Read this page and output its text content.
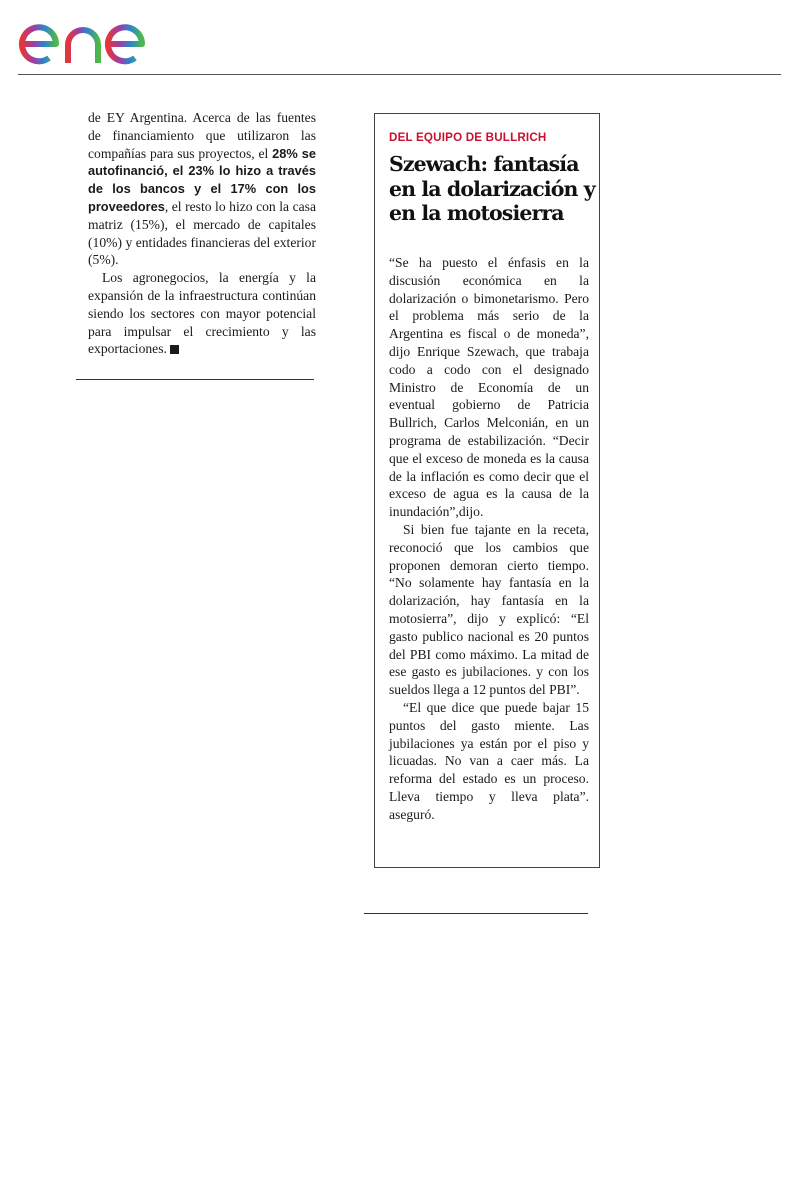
de EY Argentina. Acerca de las fuentes de financiamiento que utilizaron las compañías para sus proyectos, el 28% se autofinanció, el 23% lo hizo a través de los bancos y el 17% con los proveedores, el resto lo hizo con la casa matriz (15%), el mercado de capitales (10%) y entidades financieras del exterior (5%).

Los agronegocios, la energía y la expansión de la infraestructura continúan siendo los sectores con mayor potencial para impulsar el crecimiento y las exportaciones.

DEL EQUIPO DE BULLRICH
Szewach: fantasía en la dolarización y en la motosierra

“Se ha puesto el énfasis en la discusión económica en la dolarización o bimonetarismo. Pero el problema más serio de la Argentina es fiscal o de moneda”, dijo Enrique Szewach, que trabaja codo a codo con el designado Ministro de Economía de un eventual gobierno de Patricia Bullrich, Carlos Melconián, en un programa de estabilización. “Decir que el exceso de moneda es la causa de la inflación es como decir que el exceso de agua es la causa de la inundación”,dijo.

Si bien fue tajante en la receta, reconoció que los cambios que proponen demoran cierto tiempo. “No solamente hay fantasía en la dolarización, hay fantasía en la motosierra”, dijo y explicó: “El gasto publico nacional es 20 puntos del PBI como máximo. La mitad de ese gasto es jubilaciones. y con los sueldos llega a 12 puntos del PBI”.

“El que dice que puede bajar 15 puntos del gasto miente. Las jubilaciones ya están por el piso y licuadas. No van a caer más. La reforma del estado es un proceso. Lleva tiempo y lleva plata”. aseguró.
